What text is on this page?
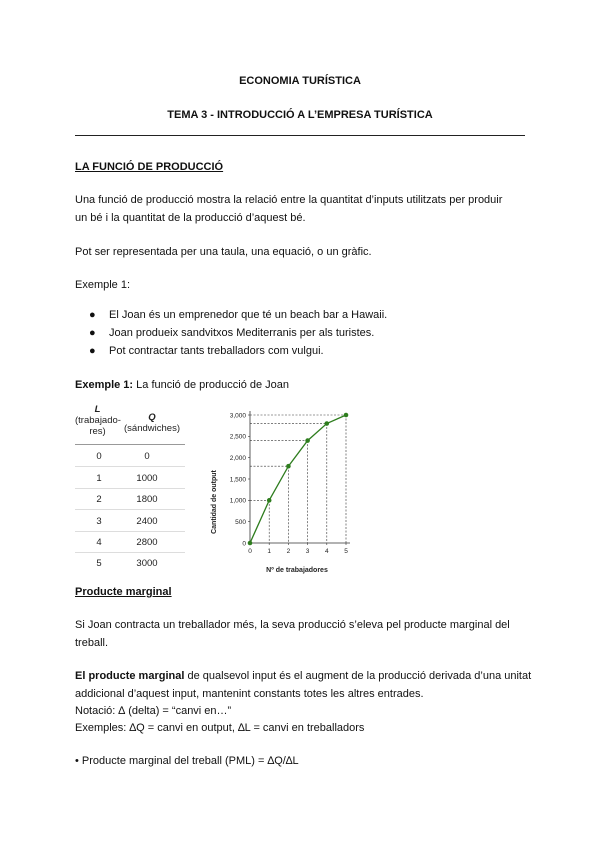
ECONOMIA TURÍSTICA
TEMA 3 - INTRODUCCIÓ A L’EMPRESA TURÍSTICA
LA FUNCIÓ DE PRODUCCIÓ
Una funció de producció mostra la relació entre la quantitat d’inputs utilitzats per produir
un bé i la quantitat de la producció d’aquest bé.
Pot ser representada per una taula, una equació, o un gràfic.
Exemple 1:
● El Joan és un emprenedor que té un beach bar a Hawaii.
● Joan produeix sandvitxos Mediterranis per als turistes.
● Pot contractar tants treballadors com vulgui.
Exemple 1: La funció de producció de Joan
L
(trabajado-
res)
Q
(sándwiches)
0	0
1	1000
2	1800
3	2400
4	2800
5	3000
0
500
1,000
1,500
2,000
2,500
3,000
0 1 2 3 4 5
Cantidad de output
Nº de trabajadores
Producte marginal
Si Joan contracta un treballador més, la seva producció s’eleva pel producte marginal del
treball.
El producte marginal de qualsevol input és el augment de la producció derivada d’una unitat
addicional d’aquest input, mantenint constants totes les altres entrades.
Notació: ∆ (delta) = “canvi en…”
Exemples: ∆Q = canvi en output, ∆L = canvi en treballadors
• Producte marginal del treball (PML) = ∆Q/∆L
